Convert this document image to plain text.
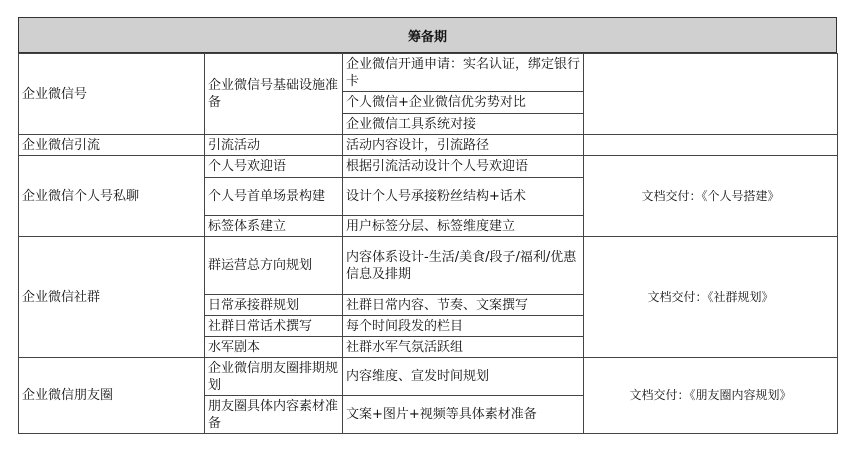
筹备期
企业微信号	企业微信号基础设施准备	企业微信开通申请：实名认证，绑定银行卡	
		个人微信+企业微信优劣势对比	
		企业微信工具系统对接	
企业微信引流	引流活动	活动内容设计，引流路径	
企业微信个人号私聊	个人号欢迎语	根据引流活动设计个人号欢迎语	文档交付：《个人号搭建》
	个人号首单场景构建	设计个人号承接粉丝结构+话术	
	标签体系建立	用户标签分层、标签维度建立	
企业微信社群	群运营总方向规划	内容体系设计-生活/美食/段子/福利/优惠信息及排期	文档交付：《社群规划》
	日常承接群规划	社群日常内容、节奏、文案撰写	
	社群日常话术撰写	每个时间段发的栏目	
	水军剧本	社群水军气氛活跃组	
企业微信朋友圈	企业微信朋友圈排期规划	内容维度、宣发时间规划	文档交付：《朋友圈内容规划》
	朋友圈具体内容素材准备	文案+图片+视频等具体素材准备	
